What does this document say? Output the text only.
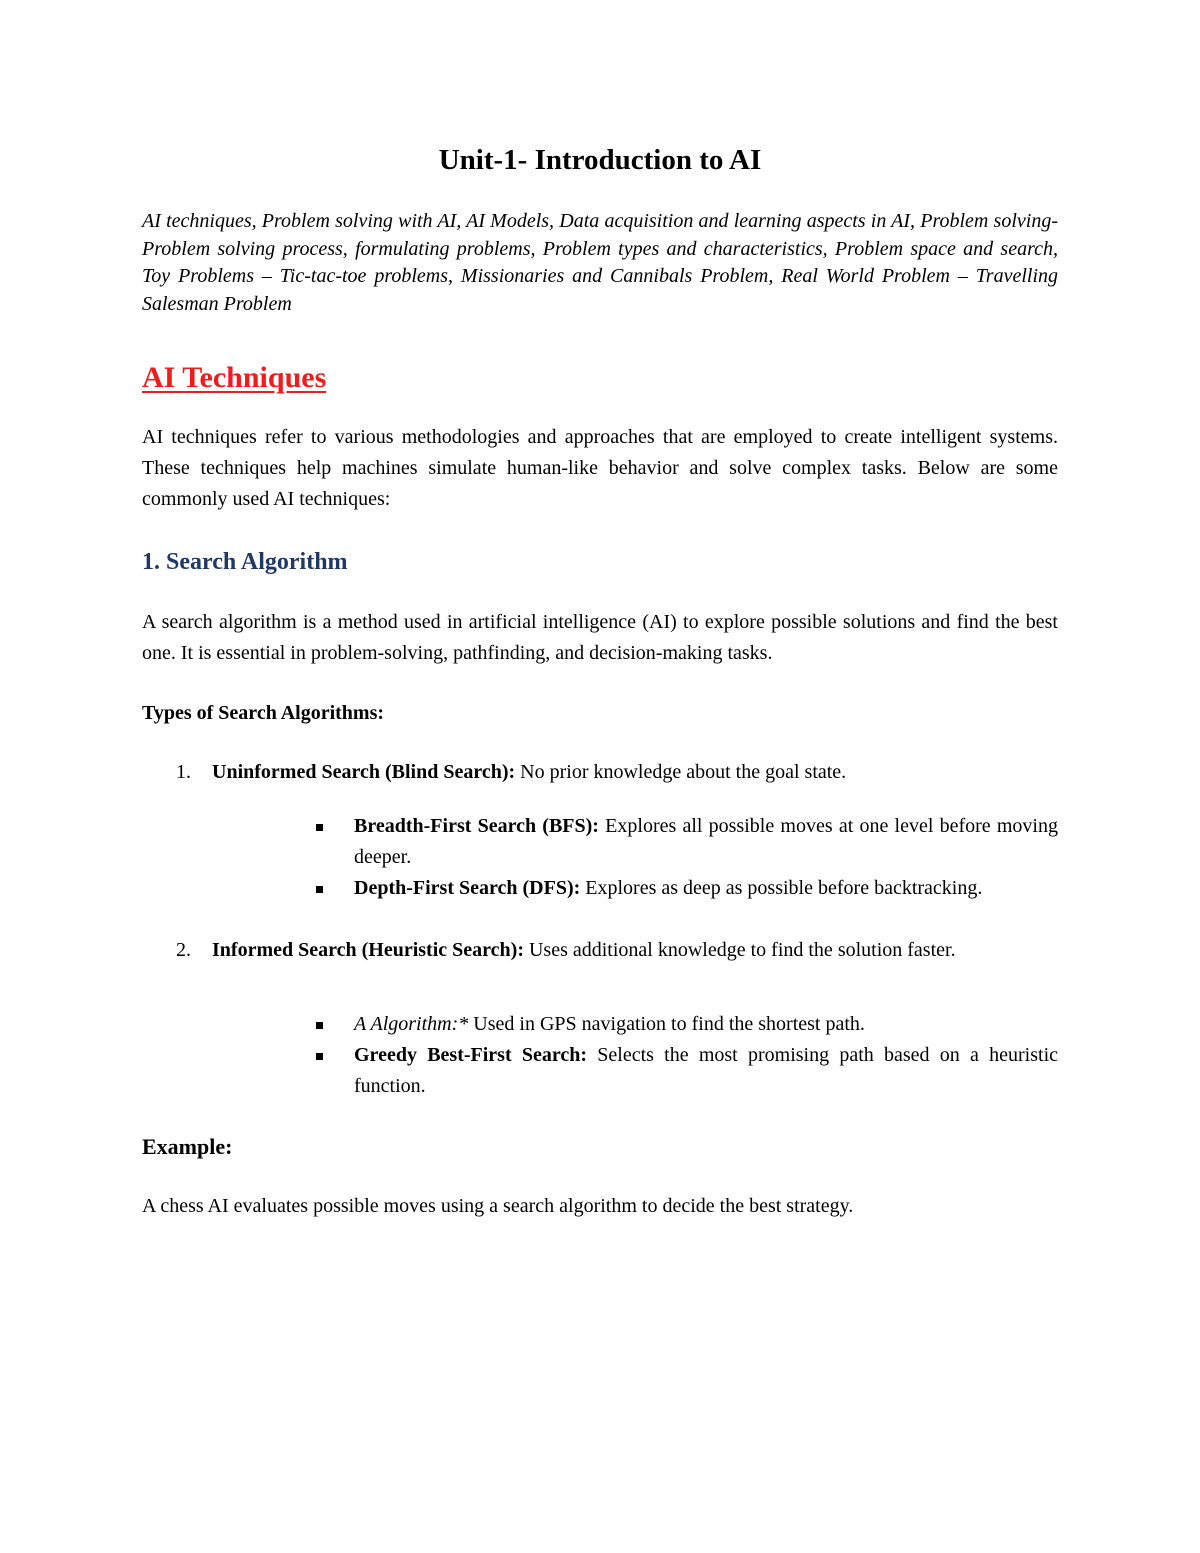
Unit-1- Introduction to AI

AI techniques, Problem solving with AI, AI Models, Data acquisition and learning aspects in AI, Problem solving- Problem solving process, formulating problems, Problem types and characteristics, Problem space and search, Toy Problems – Tic-tac-toe problems, Missionaries and Cannibals Problem, Real World Problem – Travelling Salesman Problem

AI Techniques

AI techniques refer to various methodologies and approaches that are employed to create intelligent systems. These techniques help machines simulate human-like behavior and solve complex tasks. Below are some commonly used AI techniques:

1. Search Algorithm

A search algorithm is a method used in artificial intelligence (AI) to explore possible solutions and find the best one. It is essential in problem-solving, pathfinding, and decision-making tasks.

Types of Search Algorithms:

1. Uninformed Search (Blind Search): No prior knowledge about the goal state.
Breadth-First Search (BFS): Explores all possible moves at one level before moving deeper.
Depth-First Search (DFS): Explores as deep as possible before backtracking.
2. Informed Search (Heuristic Search): Uses additional knowledge to find the solution faster.
A Algorithm:* Used in GPS navigation to find the shortest path.
Greedy Best-First Search: Selects the most promising path based on a heuristic function.

Example:

A chess AI evaluates possible moves using a search algorithm to decide the best strategy.
